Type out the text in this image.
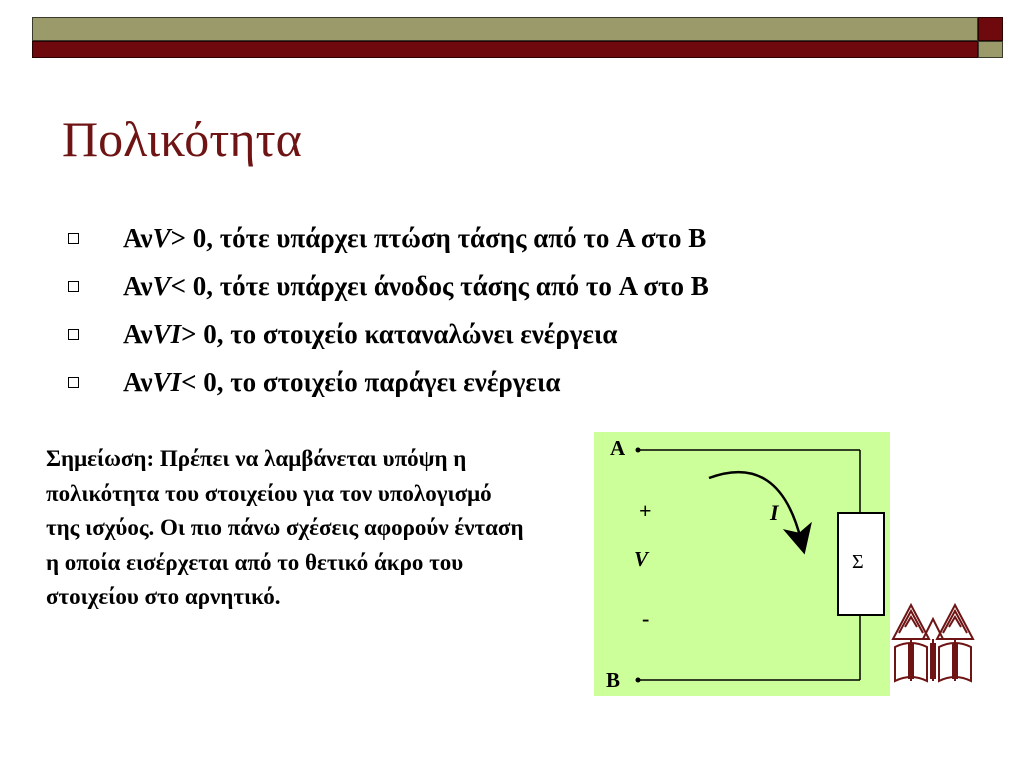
Πολικότητα
Αν V > 0, τότε υπάρχει πτώση τάσης από το A στο B
Αν V < 0, τότε υπάρχει άνοδος τάσης από το A στο B
Αν VI > 0, το στοιχείο καταναλώνει ενέργεια
Αν VI < 0, το στοιχείο παράγει ενέργεια
Σημείωση: Πρέπει να λαμβάνεται υπόψη η πολικότητα του στοιχείου για τον υπολογισμό της ισχύος. Οι πιο πάνω σχέσεις αφορούν ένταση η οποία εισέρχεται από το θετικό άκρο του στοιχείου στο αρνητικό.
A
B
+
V
-
I
Σ
